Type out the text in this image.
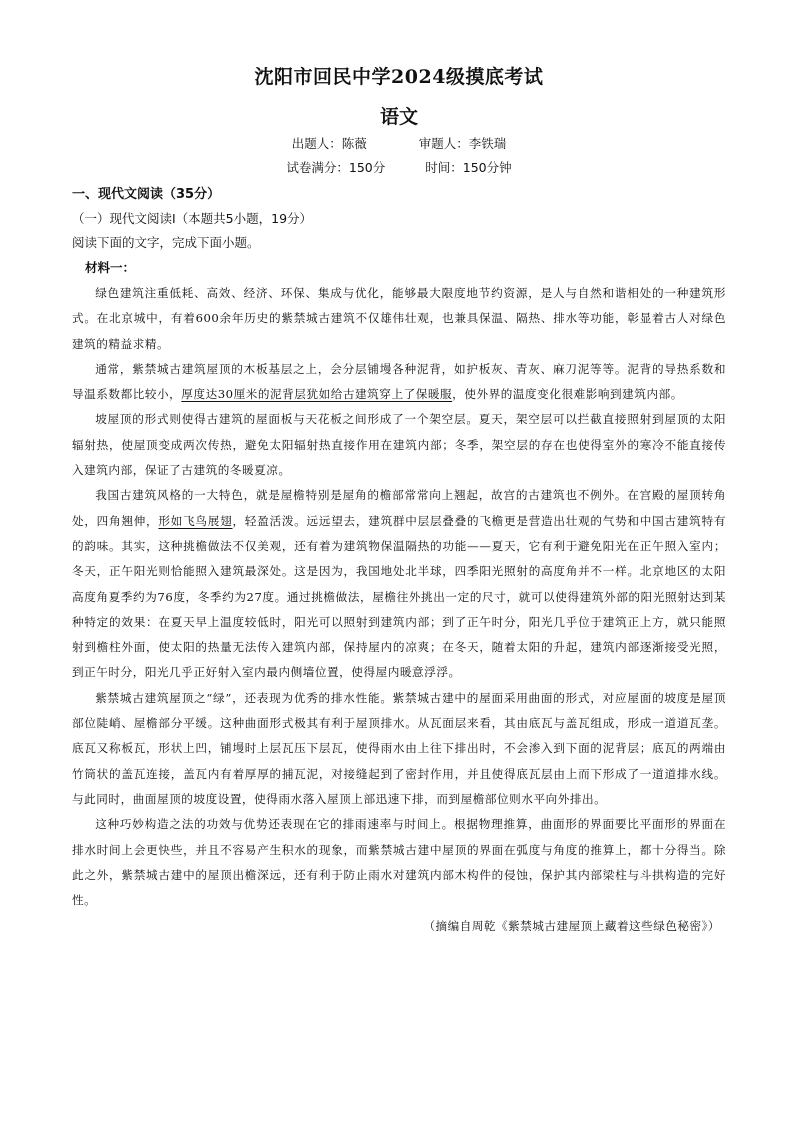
沈阳市回民中学2024级摸底考试
语文
出题人：陈薇	审题人：李铁瑞
试卷满分：150分	时间：150分钟
一、现代文阅读（35分）
（一）现代文阅读Ⅰ（本题共5小题，19分）
阅读下面的文字，完成下面小题。
材料一：

绿色建筑注重低耗、高效、经济、环保、集成与优化，能够最大限度地节约资源，是人与自然和谐相处的一种建筑形式。在北京城中，有着600余年历史的紫禁城古建筑不仅雄伟壮观，也兼具保温、隔热、排水等功能，彰显着古人对绿色建筑的精益求精。

通常，紫禁城古建筑屋顶的木板基层之上，会分层铺墁各种泥背，如护板灰、青灰、麻刀泥等等。泥背的导热系数和导温系数都比较小，厚度达30厘米的泥背层犹如给古建筑穿上了保暖服，使外界的温度变化很难影响到建筑内部。

坡屋顶的形式则使得古建筑的屋面板与天花板之间形成了一个架空层。夏天，架空层可以拦截直接照射到屋顶的太阳辐射热，使屋顶变成两次传热，避免太阳辐射热直接作用在建筑内部；冬季，架空层的存在也使得室外的寒冷不能直接传入建筑内部，保证了古建筑的冬暖夏凉。

我国古建筑风格的一大特色，就是屋檐特别是屋角的檐部常常向上翘起，故宫的古建筑也不例外。在宫殿的屋顶转角处，四角翘伸，形如飞鸟展翅，轻盈活泼。远远望去，建筑群中层层叠叠的飞檐更是营造出壮观的气势和中国古建筑特有的韵味。其实，这种挑檐做法不仅美观，还有着为建筑物保温隔热的功能——夏天，它有利于避免阳光在正午照入室内；冬天，正午阳光则恰能照入建筑最深处。这是因为，我国地处北半球，四季阳光照射的高度角并不一样。北京地区的太阳高度角夏季约为76度，冬季约为27度。通过挑檐做法，屋檐往外挑出一定的尺寸，就可以使得建筑外部的阳光照射达到某种特定的效果：在夏天早上温度较低时，阳光可以照射到建筑内部；到了正午时分，阳光几乎位于建筑正上方，就只能照射到檐柱外面，使太阳的热量无法传入建筑内部，保持屋内的凉爽；在冬天，随着太阳的升起，建筑内部逐渐接受光照，到正午时分，阳光几乎正好射入室内最内侧墙位置，使得屋内暖意浮浮。

紫禁城古建筑屋顶之“绿”，还表现为优秀的排水性能。紫禁城古建中的屋面采用曲面的形式，对应屋面的坡度是屋顶部位陡峭、屋檐部分平缓。这种曲面形式极其有利于屋顶排水。从瓦面层来看，其由底瓦与盖瓦组成，形成一道道瓦垄。底瓦又称板瓦，形状上凹，铺墁时上层瓦压下层瓦，使得雨水由上往下排出时，不会渗入到下面的泥背层；底瓦的两端由竹筒状的盖瓦连接，盖瓦内有着厚厚的捕瓦泥，对接缝起到了密封作用，并且使得底瓦层由上而下形成了一道道排水线。与此同时，曲面屋顶的坡度设置，使得雨水落入屋顶上部迅速下排，而到屋檐部位则水平向外排出。

这种巧妙构造之法的功效与优势还表现在它的排雨速率与时间上。根据物理推算，曲面形的界面要比平面形的界面在排水时间上会更快些，并且不容易产生积水的现象，而紫禁城古建中屋顶的界面在弧度与角度的推算上，都十分得当。除此之外，紫禁城古建中的屋顶出檐深远，还有利于防止雨水对建筑内部木构件的侵蚀，保护其内部梁柱与斗拱构造的完好性。

（摘编自周乾《紫禁城古建屋顶上藏着这些绿色秘密》）
